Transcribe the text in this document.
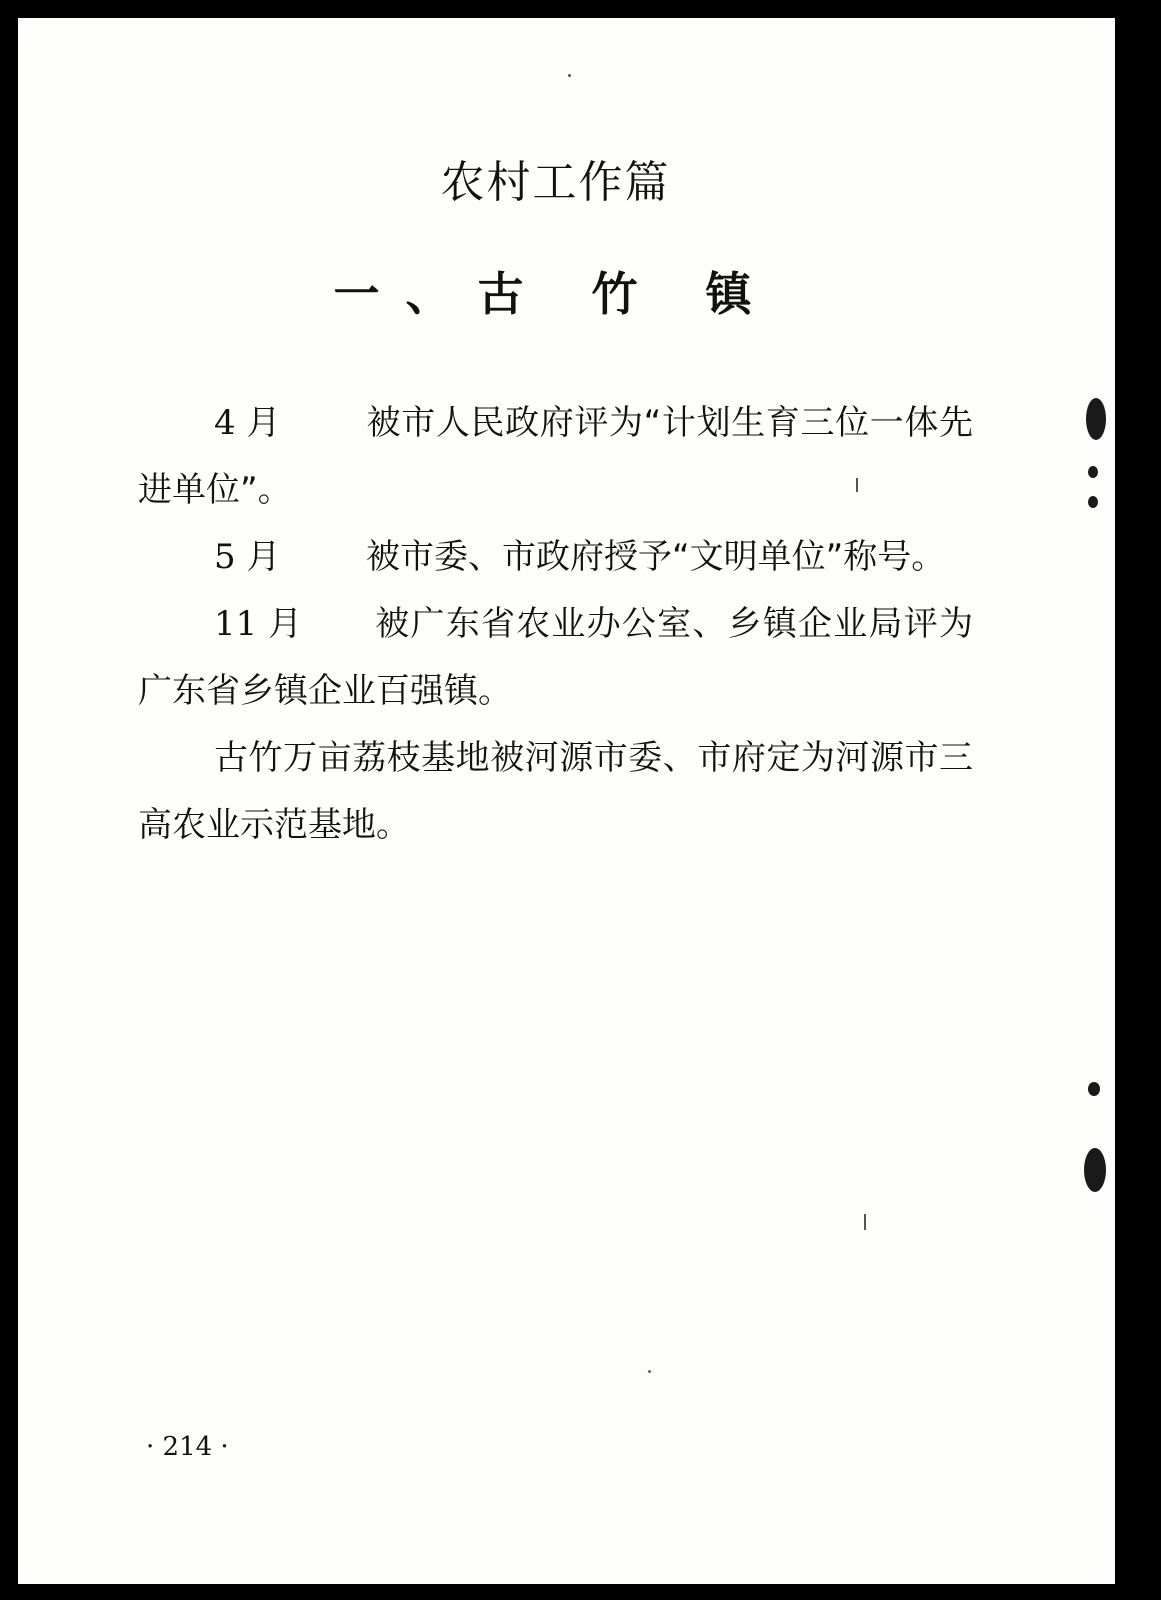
农村工作篇
一、古 竹 镇

4 月	被市人民政府评为“计划生育三位一体先进单位”。

5 月	被市委、市政府授予“文明单位”称号。

11 月 被广东省农业办公室、乡镇企业局评为广东省乡镇企业百强镇。

古竹万亩荔枝基地被河源市委、市府定为河源市三高农业示范基地。

· 214 ·
